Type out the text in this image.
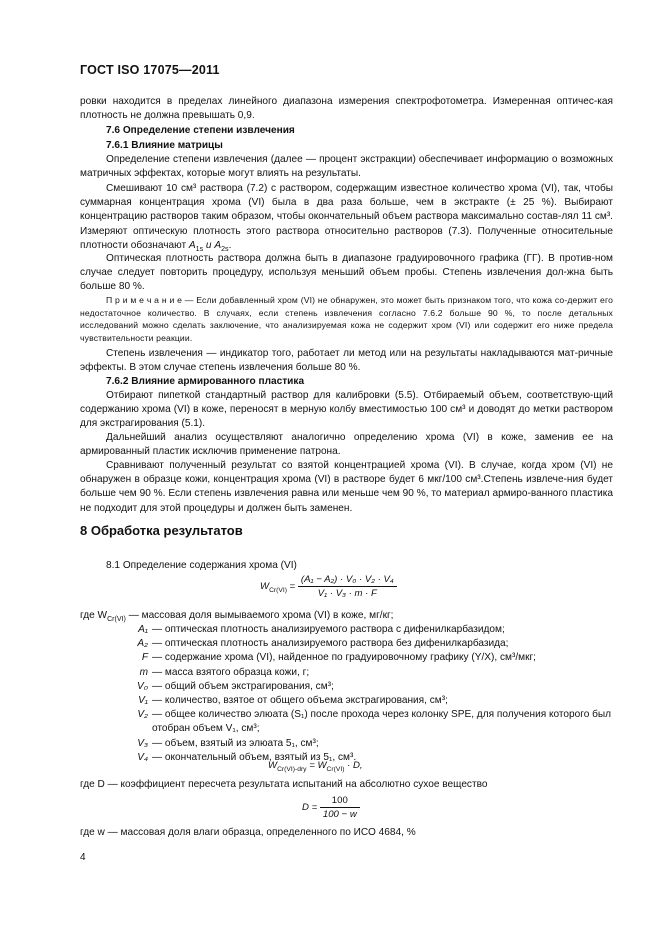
ГОСТ ISO 17075—2011

ровки находится в пределах линейного диапазона измерения спектрофотометра. Измеренная оптичес-кая плотность не должна превышать 0,9.

7.6 Определение степени извлечения
7.6.1 Влияние матрицы

Определение степени извлечения (далее — процент экстракции) обеспечивает информацию о возможных матричных эффектах, которые могут влиять на результаты.

Смешивают 10 см³ раствора (7.2) с раствором, содержащим известное количество хрома (VI), так, чтобы суммарная концентрация хрома (VI) была в два раза больше, чем в экстракте (± 25 %). Выбирают концентрацию растворов таким образом, чтобы окончательный объем раствора максимально состав-лял 11 см³. Измеряют оптическую плотность этого раствора относительно растворов (7.3). Полученные относительные плотности обозначают $A_{1s}$ и $A_{2s}$.

Оптическая плотность раствора должна быть в диапазоне градуировочного графика (ГГ). В против-ном случае следует повторить процедуру, используя меньший объем пробы. Степень извлечения дол-жна быть больше 80 %.

П р и м е ч а н и е — Если добавленный хром (VI) не обнаружен, это может быть признаком того, что кожа со-держит его недостаточное количество. В случаях, если степень извлечения согласно 7.6.2 больше 90 %, то после детальных исследований можно сделать заключение, что анализируемая кожа не содержит хром (VI) или содержит его ниже предела чувствительности реакции.

Степень извлечения — индикатор того, работает ли метод или на результаты накладываются мат-ричные эффекты. В этом случае степень извлечения больше 80 %.

7.6.2 Влияние армированного пластика

Отбирают пипеткой стандартный раствор для калибровки (5.5). Отбираемый объем, соответствую-щий содержанию хрома (VI) в коже, переносят в мерную колбу вместимостью 100 см³ и доводят до метки раствором для экстрагирования (5.1).

Дальнейший анализ осуществляют аналогично определению хрома (VI) в коже, заменив ее на армированный пластик исключив применение патрона.

Сравнивают полученный результат со взятой концентрацией хрома (VI). В случае, когда хром (VI) не обнаружен в образце кожи, концентрация хрома (VI) в растворе будет 6 мкг/100 см³.Степень извлече-ния будет больше чем 90 %. Если степень извлечения равна или меньше чем 90 %, то материал армиро-ванного пластика не подходит для этой процедуры и должен быть заменен.

8 Обработка результатов
8.1 Определение содержания хрома (VI)
$W_{Cr(VI)} = \frac{\text{(A₁ − A₂) · V₀ · V₂ · V₄}}{\text{V₁ · V₃ · m · F}}$
где $W_{Cr(VI)}$ — массовая доля вымываемого хрома (VI) в коже, мг/кг;
A₁ — оптическая плотность анализируемого раствора с дифенилкарбазидом;
A₂ — оптическая плотность анализируемого раствора без дифенилкарбазида;
F — содержание хрома (VI), найденное по градуировочному графику (Y/X), см³/мкг;
m — масса взятого образца кожи, г;
V₀ — общий объем экстрагирования, см³;
V₁ — количество, взятое от общего объема экстрагирования, см³;
V₂ — общее количество элюата (S₁) после прохода через колонку SPE, для получения которого был отобран объем V₁, см³;
V₃ — объем, взятый из элюата 5₁, см³;
V₄ — окончательный объем, взятый из 5₁, см³.
$W_{Cr(VI)-dry} = W_{Cr(VI)} \cdot D$,
где D — коэффициент пересчета результата испытаний на абсолютно сухое вещество
$D = \frac{100}{100 - w}$
где w — массовая доля влаги образца, определенного по ИСО 4684, %
4
